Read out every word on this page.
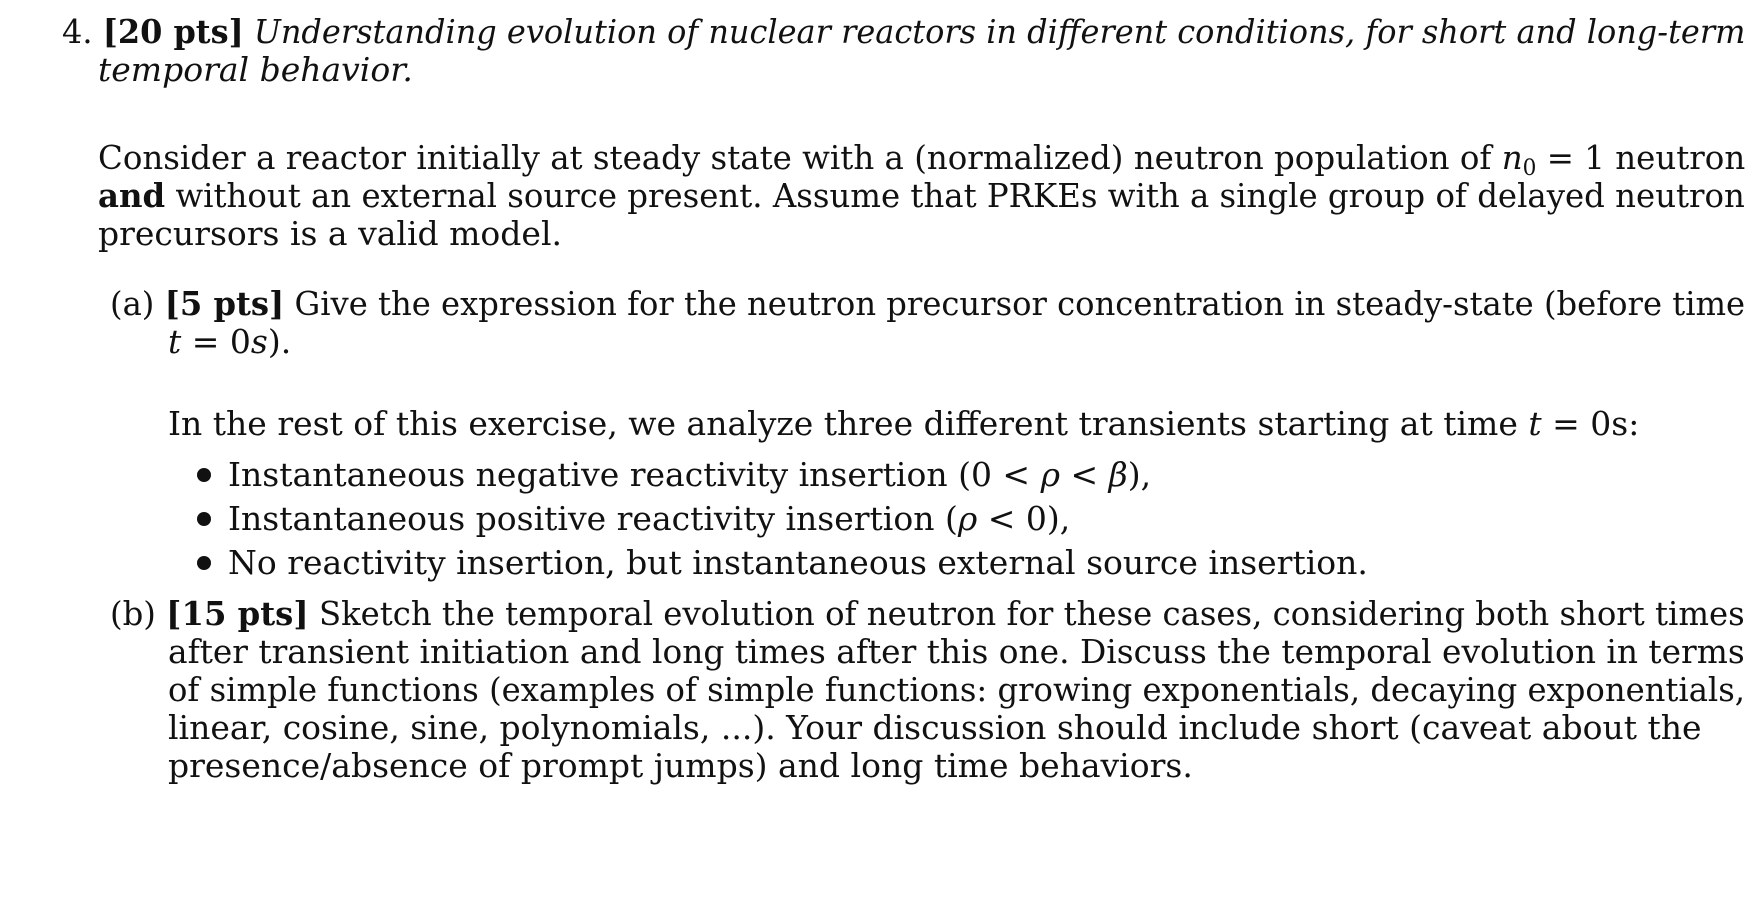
4. [20 pts] Understanding evolution of nuclear reactors in different conditions, for short and long-term
temporal behavior.
Consider a reactor initially at steady state with a (normalized) neutron population of $n_0 = 1$ neutron
and without an external source present. Assume that PRKEs with a single group of delayed neutron
precursors is a valid model.
(a) [5 pts] Give the expression for the neutron precursor concentration in steady-state (before time
t = 0s).
In the rest of this exercise, we analyze three different transients starting at time t = 0s:
Instantaneous negative reactivity insertion (0 < ρ < β),
Instantaneous positive reactivity insertion (ρ < 0),
No reactivity insertion, but instantaneous external source insertion.
(b) [15 pts] Sketch the temporal evolution of neutron for these cases, considering both short times
after transient initiation and long times after this one. Discuss the temporal evolution in terms
of simple functions (examples of simple functions: growing exponentials, decaying exponentials,
linear, cosine, sine, polynomials, ...). Your discussion should include short (caveat about the
presence/absence of prompt jumps) and long time behaviors.
